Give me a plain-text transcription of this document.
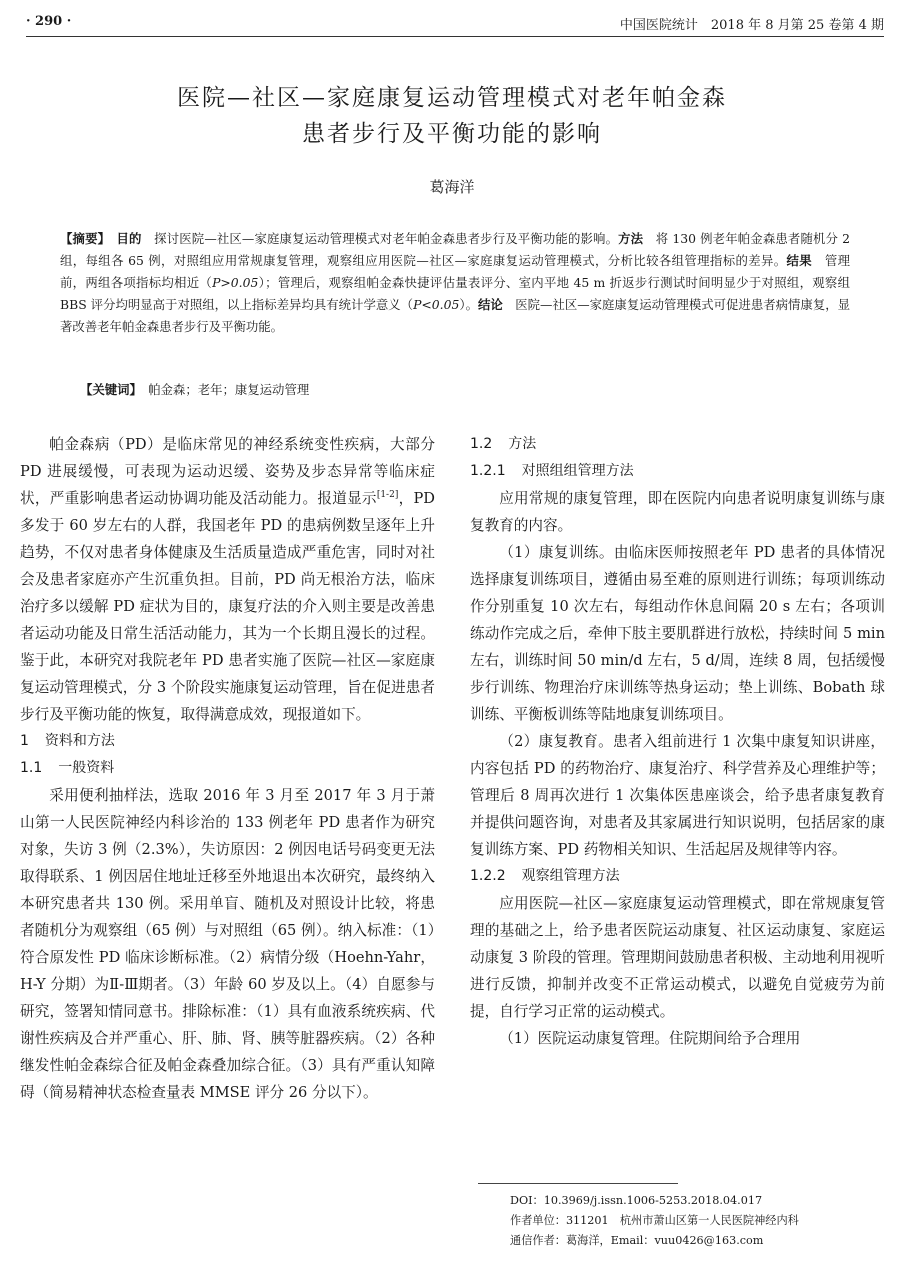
· 290 ·	中国医院统计　2018 年 8 月第 25 卷第 4 期
医院—社区—家庭康复运动管理模式对老年帕金森
患者步行及平衡功能的影响
葛海洋
【摘要】　 目的　 探讨医院—社区—家庭康复运动管理模式对老年帕金森患者步行及平衡功能的影响。方法　 将 130 例老年帕金森患者随机分 2 组，每组各 65 例，对照组应用常规康复管理，观察组应用医院—社区—家庭康复运动管理模式，分析比较各组管理指标的差异。结果　 管理前，两组各项指标均相近（P>0.05）；管理后，观察组帕金森快捷评估量表评分、室内平地 45 m 折返步行测试时间明显少于对照组，观察组 BBS 评分均明显高于对照组，以上指标差异均具有统计学意义（P<0.05）。结论　 医院—社区—家庭康复运动管理模式可促进患者病情康复，显著改善老年帕金森患者步行及平衡功能。
【关键词】　 帕金森；老年；康复运动管理

帕金森病（PD）是临床常见的神经系统变性疾病，大部分 PD 进展缓慢，可表现为运动迟缓、姿势及步态异常等临床症状，严重影响患者运动协调功能及活动能力。报道显示[1-2]，PD 多发于 60 岁左右的人群，我国老年 PD 的患病例数呈逐年上升趋势，不仅对患者身体健康及生活质量造成严重危害，同时对社会及患者家庭亦产生沉重负担。目前，PD 尚无根治方法，临床治疗多以缓解 PD 症状为目的，康复疗法的介入则主要是改善患者运动功能及日常生活活动能力，其为一个长期且漫长的过程。鉴于此，本研究对我院老年 PD 患者实施了医院—社区—家庭康复运动管理模式，分 3 个阶段实施康复运动管理，旨在促进患者步行及平衡功能的恢复，取得满意成效，现报道如下。

1 资料和方法
1.1 一般资料

采用便利抽样法，选取 2016 年 3 月至 2017 年 3 月于萧山第一人民医院神经内科诊治的 133 例老年 PD 患者作为研究对象，失访 3 例（2.3%），失访原因：2 例因电话号码变更无法取得联系、1 例因居住地址迁移至外地退出本次研究，最终纳入本研究患者共 130 例。采用单盲、随机及对照设计比较，将患者随机分为观察组（65 例）与对照组（65 例）。纳入标准：（1）符合原发性 PD 临床诊断标准。（2）病情分级（Hoehn-Yahr，H-Y 分期）为Ⅱ-Ⅲ期者。（3）年龄 60 岁及以上。（4）自愿参与研究，签署知情同意书。排除标准：（1）具有血液系统疾病、代谢性疾病及合并严重心、肝、肺、肾、胰等脏器疾病。（2）各种继发性帕金森综合征及帕金森叠加综合征。（3）具有严重认知障碍（简易精神状态检查量表 MMSE 评分 26 分以下）。

1.2 方法
1.2.1 对照组组管理方法

应用常规的康复管理，即在医院内向患者说明康复训练与康复教育的内容。

（1）康复训练。由临床医师按照老年 PD 患者的具体情况选择康复训练项目，遵循由易至难的原则进行训练；每项训练动作分别重复 10 次左右，每组动作休息间隔 20 s 左右；各项训练动作完成之后，牵伸下肢主要肌群进行放松，持续时间 5 min 左右，训练时间 50 min/d 左右，5 d/周，连续 8 周，包括缓慢步行训练、物理治疗床训练等热身运动；垫上训练、Bobath 球训练、平衡板训练等陆地康复训练项目。

（2）康复教育。患者入组前进行 1 次集中康复知识讲座，内容包括 PD 的药物治疗、康复治疗、科学营养及心理维护等；管理后 8 周再次进行 1 次集体医患座谈会，给予患者康复教育并提供问题咨询，对患者及其家属进行知识说明，包括居家的康复训练方案、PD 药物相关知识、生活起居及规律等内容。

1.2.2 观察组管理方法

应用医院—社区—家庭康复运动管理模式，即在常规康复管理的基础之上，给予患者医院运动康复、社区运动康复、家庭运动康复 3 阶段的管理。管理期间鼓励患者积极、主动地利用视听进行反馈，抑制并改变不正常运动模式，以避免自觉疲劳为前提，自行学习正常的运动模式。

（1）医院运动康复管理。住院期间给予合理用

DOI：10.3969/j.issn.1006-5253.2018.04.017
作者单位：311201　杭州市萧山区第一人民医院神经内科
通信作者：葛海洋，Email：vuu0426@163.com
